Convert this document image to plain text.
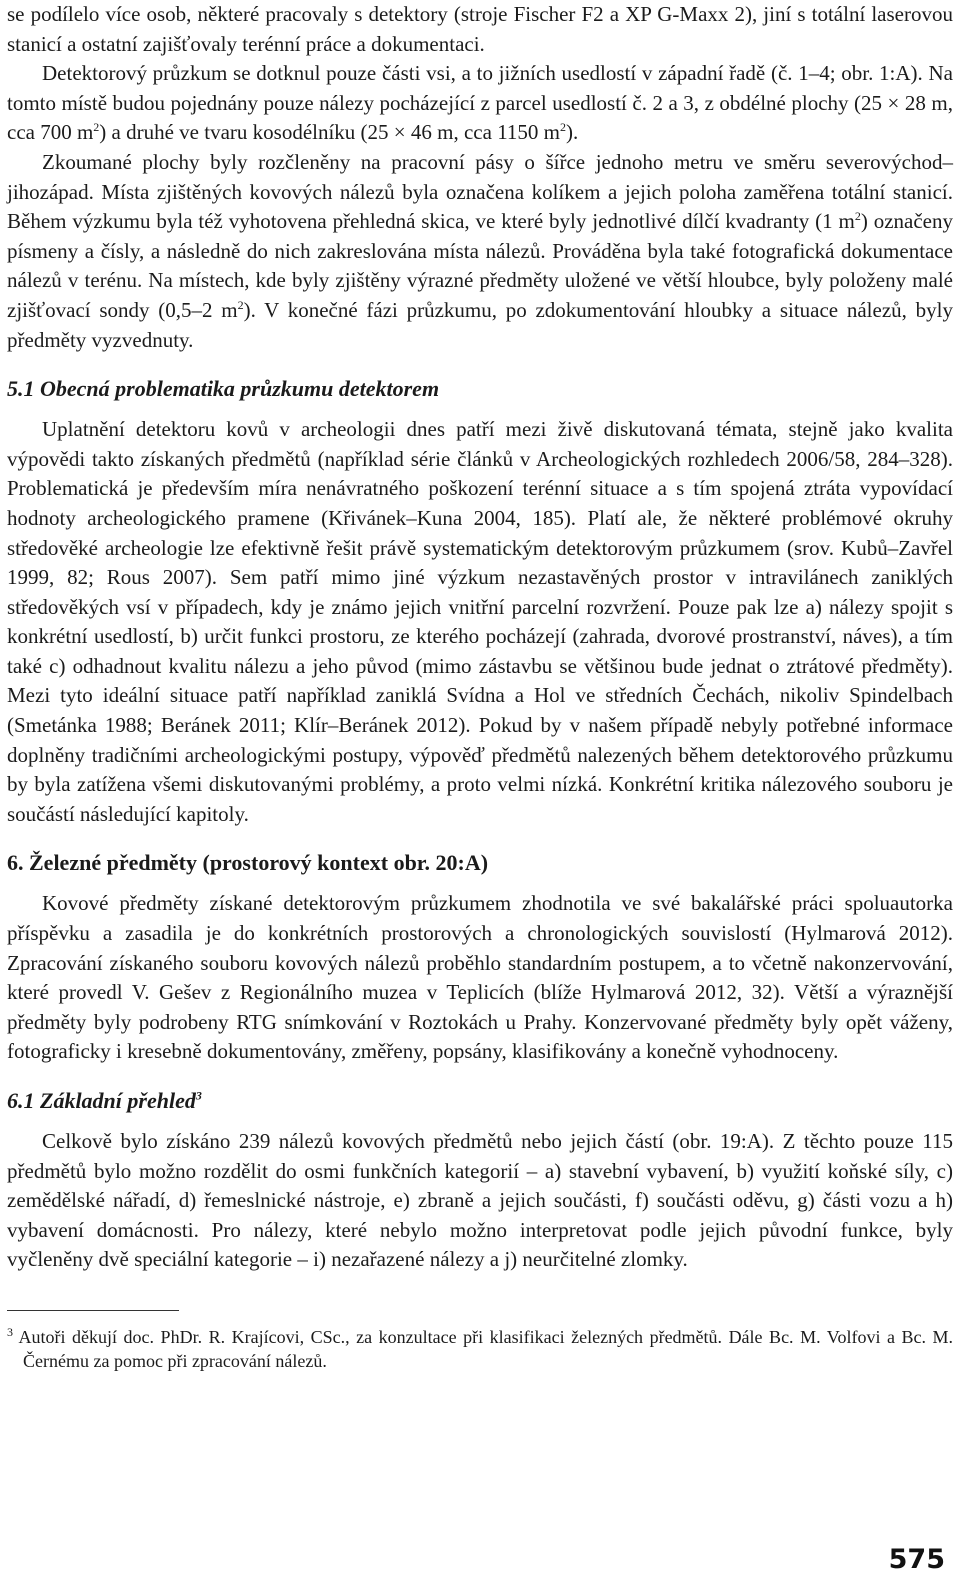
se podílelo více osob, některé pracovaly s detektory (stroje Fischer F2 a XP G-Maxx 2), jiní s totální laserovou stanicí a ostatní zajišťovaly terénní práce a dokumentaci.

Detektorový průzkum se dotknul pouze části vsi, a to jižních usedlostí v západní řadě (č. 1–4; obr. 1:A). Na tomto místě budou pojednány pouze nálezy pocházející z parcel usedlostí č. 2 a 3, z obdélné plochy (25 × 28 m, cca 700 $m^2$) a druhé ve tvaru kosodélníku (25 × 46 m, cca 1150 $m^2$).

Zkoumané plochy byly rozčleněny na pracovní pásy o šířce jednoho metru ve směru severovýchod–jihozápad. Místa zjištěných kovových nálezů byla označena kolíkem a jejich poloha zaměřena totální stanicí. Během výzkumu byla též vyhotovena přehledná skica, ve které byly jednotlivé dílčí kvadranty (1 $m^2$) označeny písmeny a čísly, a následně do nich zakreslována místa nálezů. Prováděna byla také fotografická dokumentace nálezů v terénu. Na místech, kde byly zjištěny výrazné předměty uložené ve větší hloubce, byly položeny malé zjišťovací sondy (0,5–2 $m^2$). V konečné fázi průzkumu, po zdokumentování hloubky a situace nálezů, byly předměty vyzvednuty.

5.1 Obecná problematika průzkumu detektorem

Uplatnění detektoru kovů v archeologii dnes patří mezi živě diskutovaná témata, stejně jako kvalita výpovědi takto získaných předmětů (například série článků v Archeologických rozhledech 2006/58, 284–328). Problematická je především míra nenávratného poškození terénní situace a s tím spojená ztráta vypovídací hodnoty archeologického pramene (Křivánek–Kuna 2004, 185). Platí ale, že některé problémové okruhy středověké archeologie lze efektivně řešit právě systematickým detektorovým průzkumem (srov. Kubů–Zavřel 1999, 82; Rous 2007). Sem patří mimo jiné výzkum nezastavěných prostor v intravilánech zaniklých středověkých vsí v případech, kdy je známo jejich vnitřní parcelní rozvržení. Pouze pak lze a) nálezy spojit s konkrétní usedlostí, b) určit funkci prostoru, ze kterého pocházejí (zahrada, dvorové prostranství, náves), a tím také c) odhadnout kvalitu nálezu a jeho původ (mimo zástavbu se většinou bude jednat o ztrátové předměty). Mezi tyto ideální situace patří například zaniklá Svídna a Hol ve středních Čechách, nikoliv Spindelbach (Smetánka 1988; Beránek 2011; Klír–Beránek 2012). Pokud by v našem případě nebyly potřebné informace doplněny tradičními archeologickými postupy, výpověď předmětů nalezených během detektorového průzkumu by byla zatížena všemi diskutovanými problémy, a proto velmi nízká. Konkrétní kritika nálezového souboru je součástí následující kapitoly.

6. Železné předměty (prostorový kontext obr. 20:A)

Kovové předměty získané detektorovým průzkumem zhodnotila ve své bakalářské práci spoluautorka příspěvku a zasadila je do konkrétních prostorových a chronologických souvislostí (Hylmarová 2012). Zpracování získaného souboru kovových nálezů proběhlo standardním postupem, a to včetně nakonzervování, které provedl V. Gešev z Regionálního muzea v Teplicích (blíže Hylmarová 2012, 32). Větší a výraznější předměty byly podrobeny RTG snímkování v Roztokách u Prahy. Konzervované předměty byly opět váženy, fotograficky i kresebně dokumentovány, změřeny, popsány, klasifikovány a konečně vyhodnoceny.

6.1 Základní přehled$^3$

Celkově bylo získáno 239 nálezů kovových předmětů nebo jejich částí (obr. 19:A). Z těchto pouze 115 předmětů bylo možno rozdělit do osmi funkčních kategorií – a) stavební vybavení, b) využití koňské síly, c) zemědělské nářadí, d) řemeslnické nástroje, e) zbraně a jejich součásti, f) součásti oděvu, g) části vozu a h) vybavení domácnosti. Pro nálezy, které nebylo možno interpretovat podle jejich původní funkce, byly vyčleněny dvě speciální kategorie – i) nezařazené nálezy a j) neurčitelné zlomky.

$^3$ Autoři děkují doc. PhDr. R. Krajícovi, CSc., za konzultace při klasifikaci železných předmětů. Dále Bc. M. Volfovi a Bc. M. Černému za pomoc při zpracování nálezů.

575
